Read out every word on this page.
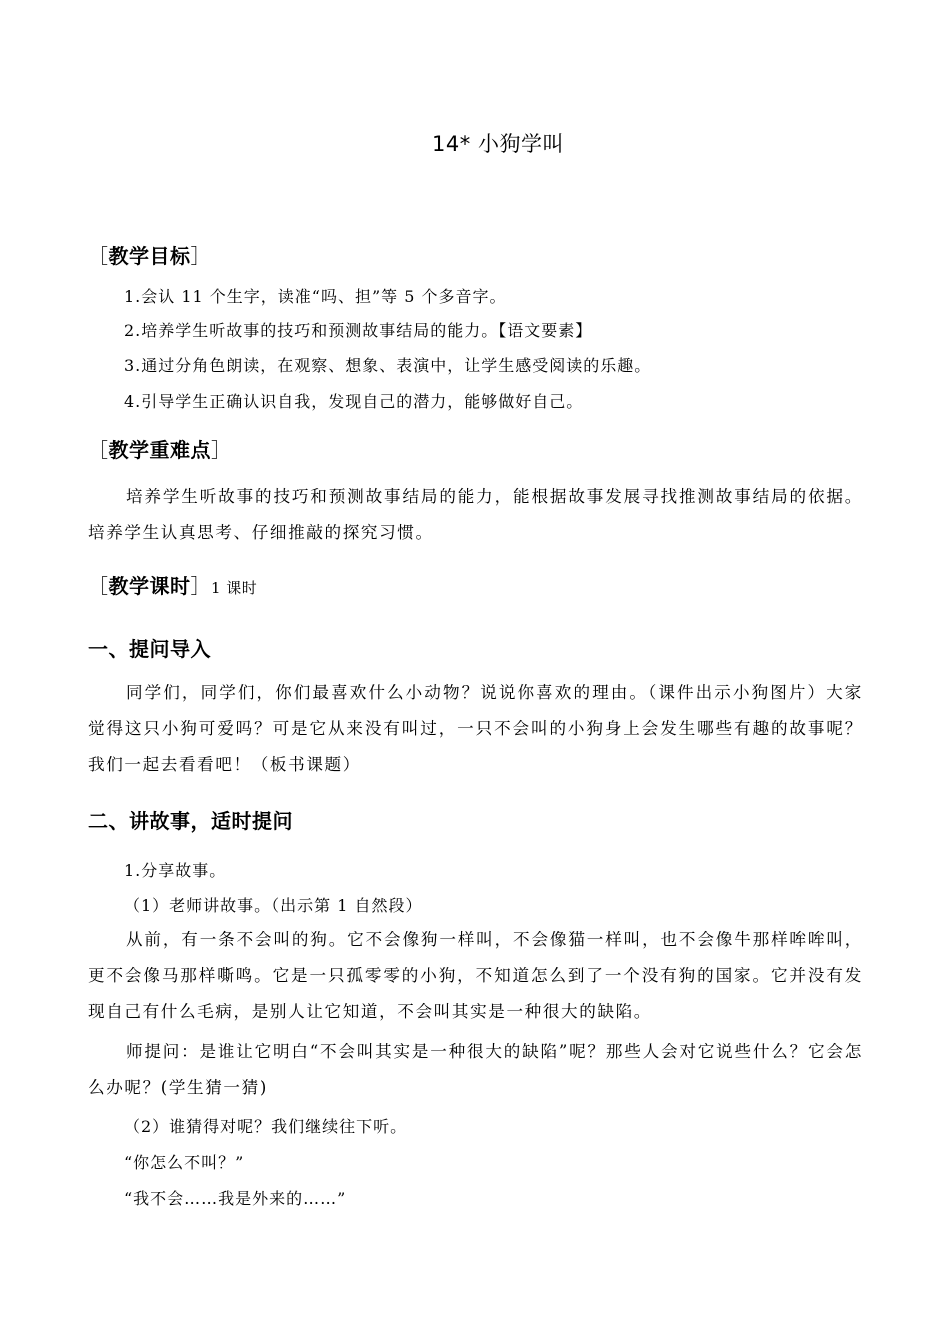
14* 小狗学叫
［教学目标］
1.会认 11 个生字，读准“吗、担”等 5 个多音字。
2.培养学生听故事的技巧和预测故事结局的能力。【语文要素】
3.通过分角色朗读，在观察、想象、表演中，让学生感受阅读的乐趣。
4.引导学生正确认识自我，发现自己的潜力，能够做好自己。
［教学重难点］
培养学生听故事的技巧和预测故事结局的能力，能根据故事发展寻找推测故事结局的依据。培养学生认真思考、仔细推敲的探究习惯。
［教学课时］1 课时
一、提问导入
同学们，同学们，你们最喜欢什么小动物？说说你喜欢的理由。（课件出示小狗图片）大家觉得这只小狗可爱吗？可是它从来没有叫过，一只不会叫的小狗身上会发生哪些有趣的故事呢？我们一起去看看吧！（板书课题）
二、讲故事，适时提问
1.分享故事。
（1）老师讲故事。（出示第 1 自然段）
从前，有一条不会叫的狗。它不会像狗一样叫，不会像猫一样叫，也不会像牛那样哞哞叫，更不会像马那样嘶鸣。它是一只孤零零的小狗，不知道怎么到了一个没有狗的国家。它并没有发现自己有什么毛病，是别人让它知道，不会叫其实是一种很大的缺陷。
师提问：是谁让它明白“不会叫其实是一种很大的缺陷”呢？那些人会对它说些什么？它会怎么办呢？(学生猜一猜)
（2）谁猜得对呢？我们继续往下听。
“你怎么不叫？”
“我不会……我是外来的……”
